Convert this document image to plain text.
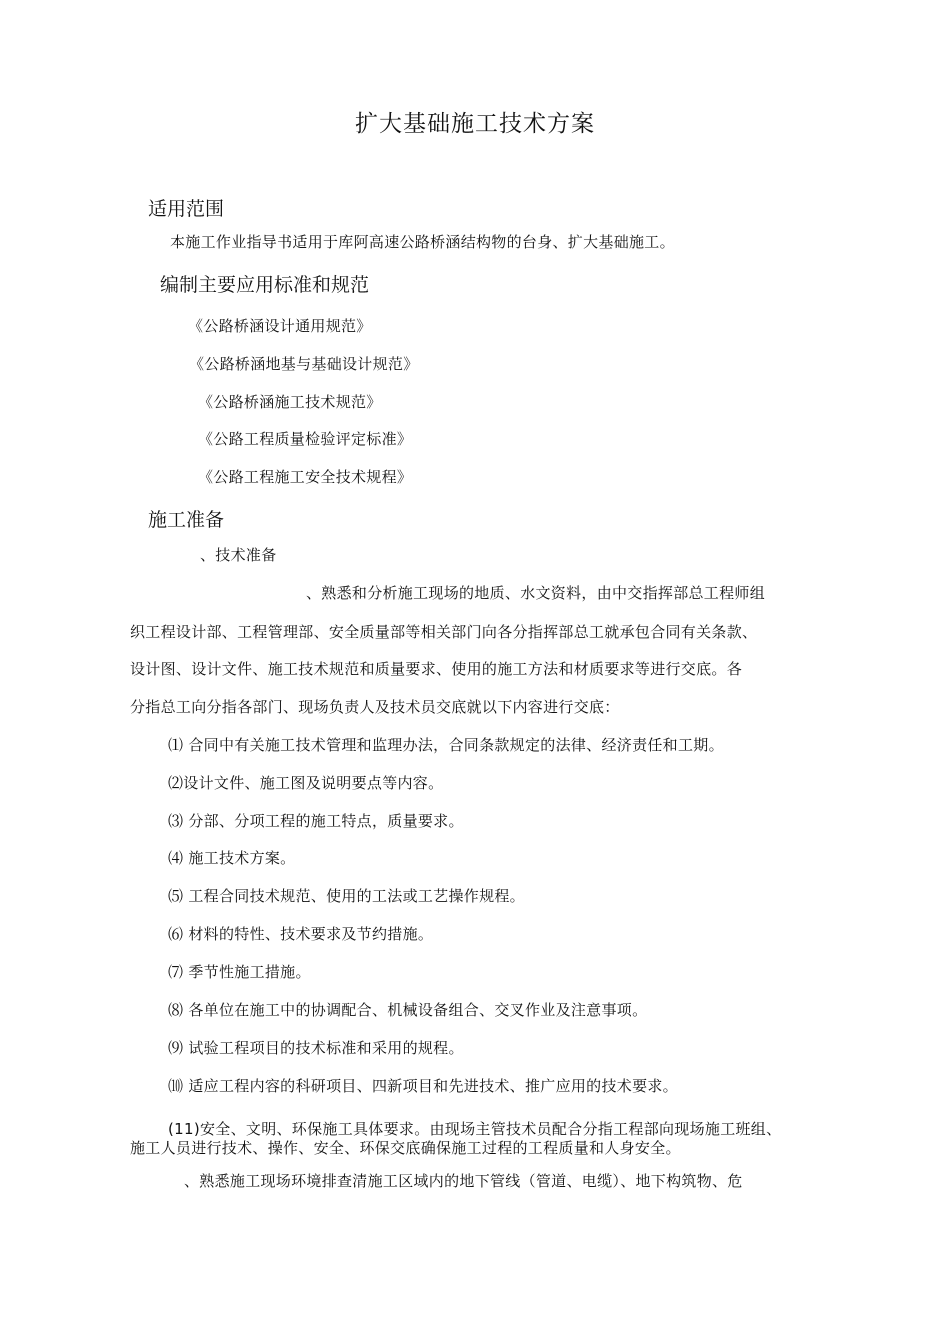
扩大基础施工技术方案
适用范围
本施工作业指导书适用于库阿高速公路桥涵结构物的台身、扩大基础施工。
编制主要应用标准和规范
《公路桥涵设计通用规范》
《公路桥涵地基与基础设计规范》
《公路桥涵施工技术规范》
《公路工程质量检验评定标准》
《公路工程施工安全技术规程》
施工准备
、技术准备
、熟悉和分析施工现场的地质、水文资料，由中交指挥部总工程师组
织工程设计部、工程管理部、安全质量部等相关部门向各分指挥部总工就承包合同有关条款、
设计图、设计文件、施工技术规范和质量要求、使用的施工方法和材质要求等进行交底。各
分指总工向分指各部门、现场负责人及技术员交底就以下内容进行交底：
⑴ 合同中有关施工技术管理和监理办法，合同条款规定的法律、经济责任和工期。
⑵设计文件、施工图及说明要点等内容。
⑶ 分部、分项工程的施工特点，质量要求。
⑷ 施工技术方案。
⑸ 工程合同技术规范、使用的工法或工艺操作规程。
⑹ 材料的特性、技术要求及节约措施。
⑺ 季节性施工措施。
⑻ 各单位在施工中的协调配合、机械设备组合、交叉作业及注意事项。
⑼ 试验工程项目的技术标准和采用的规程。
⑽ 适应工程内容的科研项目、四新项目和先进技术、推广应用的技术要求。
(11)安全、文明、环保施工具体要求。由现场主管技术员配合分指工程部向现场施工班组、
施工人员进行技术、操作、安全、环保交底确保施工过程的工程质量和人身安全。
、熟悉施工现场环境排查清施工区域内的地下管线（管道、电缆）、地下构筑物、危
